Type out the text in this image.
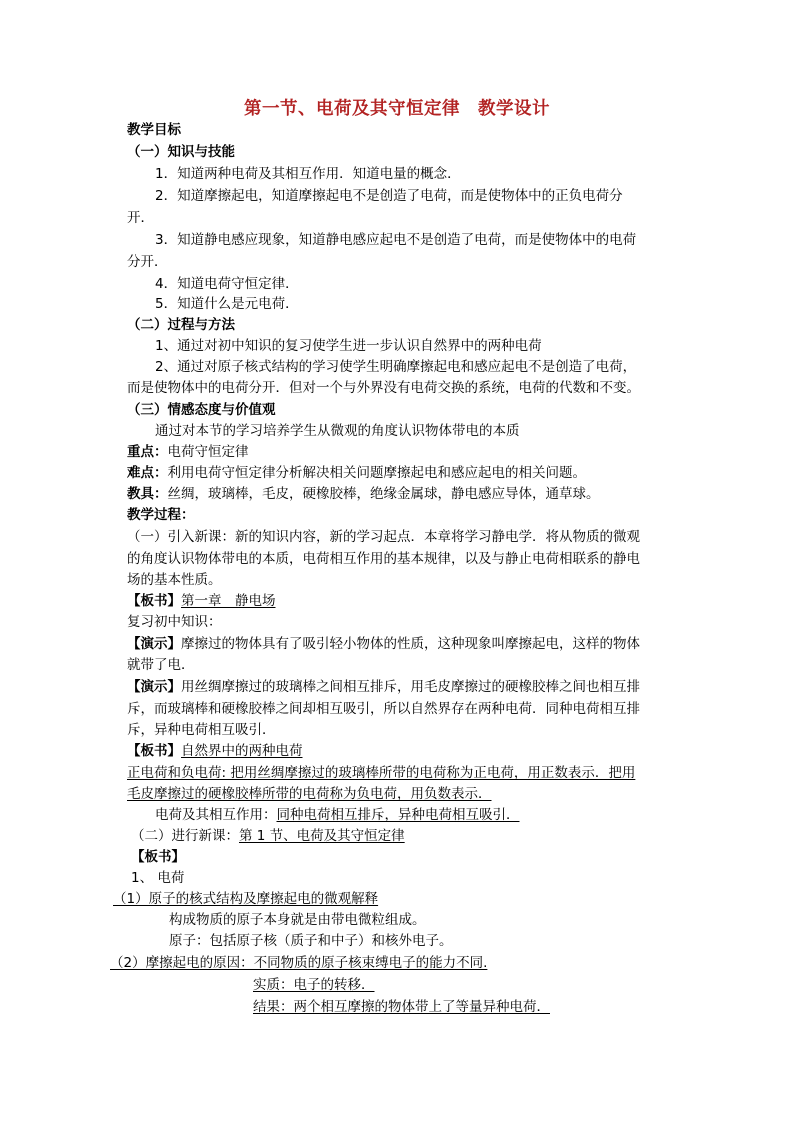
第一节、电荷及其守恒定律　教学设计
教学目标
（一）知识与技能
1．知道两种电荷及其相互作用．知道电量的概念．
2．知道摩擦起电，知道摩擦起电不是创造了电荷，而是使物体中的正负电荷分
开．
3．知道静电感应现象，知道静电感应起电不是创造了电荷，而是使物体中的电荷
分开．
4．知道电荷守恒定律．
5．知道什么是元电荷．
（二）过程与方法
1、通过对初中知识的复习使学生进一步认识自然界中的两种电荷
2、通过对原子核式结构的学习使学生明确摩擦起电和感应起电不是创造了电荷，
而是使物体中的电荷分开．但对一个与外界没有电荷交换的系统，电荷的代数和不变。
（三）情感态度与价值观
通过对本节的学习培养学生从微观的角度认识物体带电的本质
重点：电荷守恒定律
难点：利用电荷守恒定律分析解决相关问题摩擦起电和感应起电的相关问题。
教具：丝绸，玻璃棒，毛皮，硬橡胶棒，绝缘金属球，静电感应导体，通草球。
教学过程：
（一）引入新课：新的知识内容，新的学习起点．本章将学习静电学．将从物质的微观
的角度认识物体带电的本质，电荷相互作用的基本规律，以及与静止电荷相联系的静电
场的基本性质。
【板书】第一章　静电场
复习初中知识：
【演示】摩擦过的物体具有了吸引轻小物体的性质，这种现象叫摩擦起电，这样的物体
就带了电．
【演示】用丝绸摩擦过的玻璃棒之间相互排斥，用毛皮摩擦过的硬橡胶棒之间也相互排
斥，而玻璃棒和硬橡胶棒之间却相互吸引，所以自然界存在两种电荷．同种电荷相互排
斥，异种电荷相互吸引．
【板书】自然界中的两种电荷
正电荷和负电荷: 把用丝绸摩擦过的玻璃棒所带的电荷称为正电荷，用正数表示．把用
毛皮摩擦过的硬橡胶棒所带的电荷称为负电荷，用负数表示．
电荷及其相互作用：同种电荷相互排斥，异种电荷相互吸引．
（二）进行新课：第 1 节、电荷及其守恒定律
【板书】
1、 电荷
（1）原子的核式结构及摩擦起电的微观解释
构成物质的原子本身就是由带电微粒组成。
原子：包括原子核（质子和中子）和核外电子。
（2）摩擦起电的原因：不同物质的原子核束缚电子的能力不同.
实质：电子的转移．
结果：两个相互摩擦的物体带上了等量异种电荷．
